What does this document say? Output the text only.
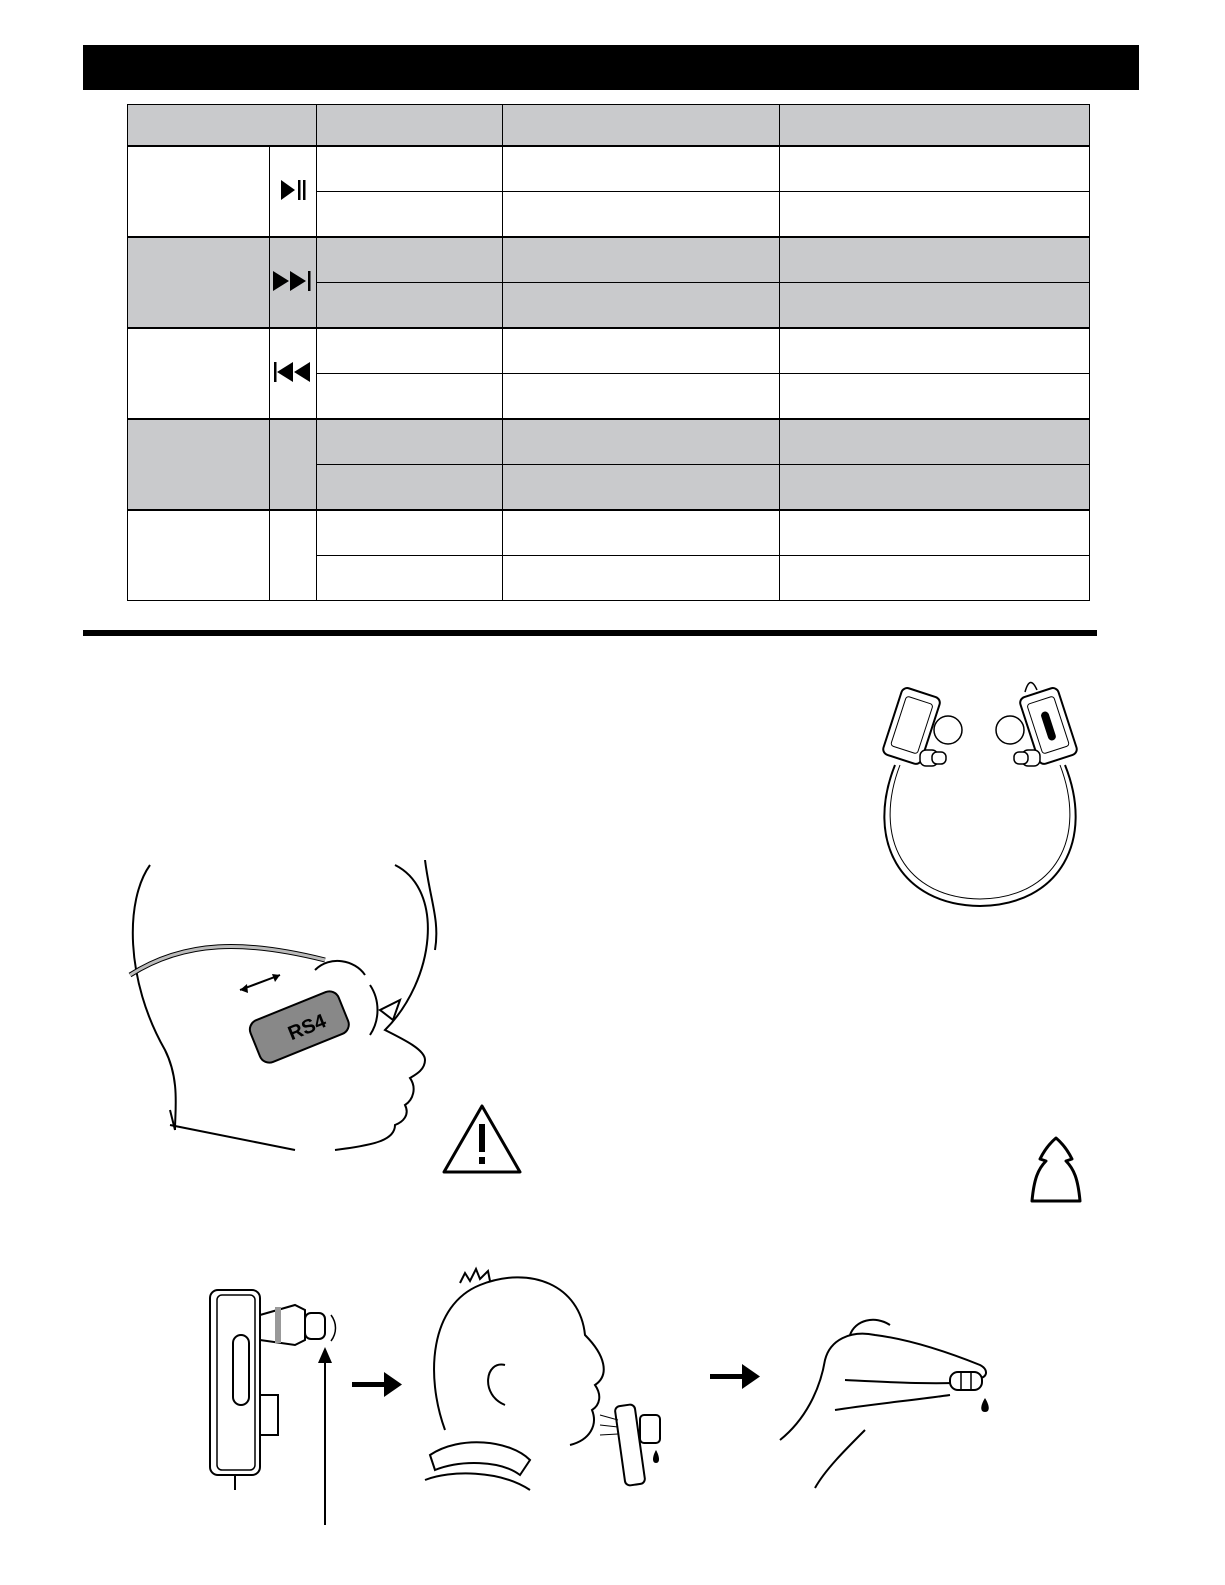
RS4
